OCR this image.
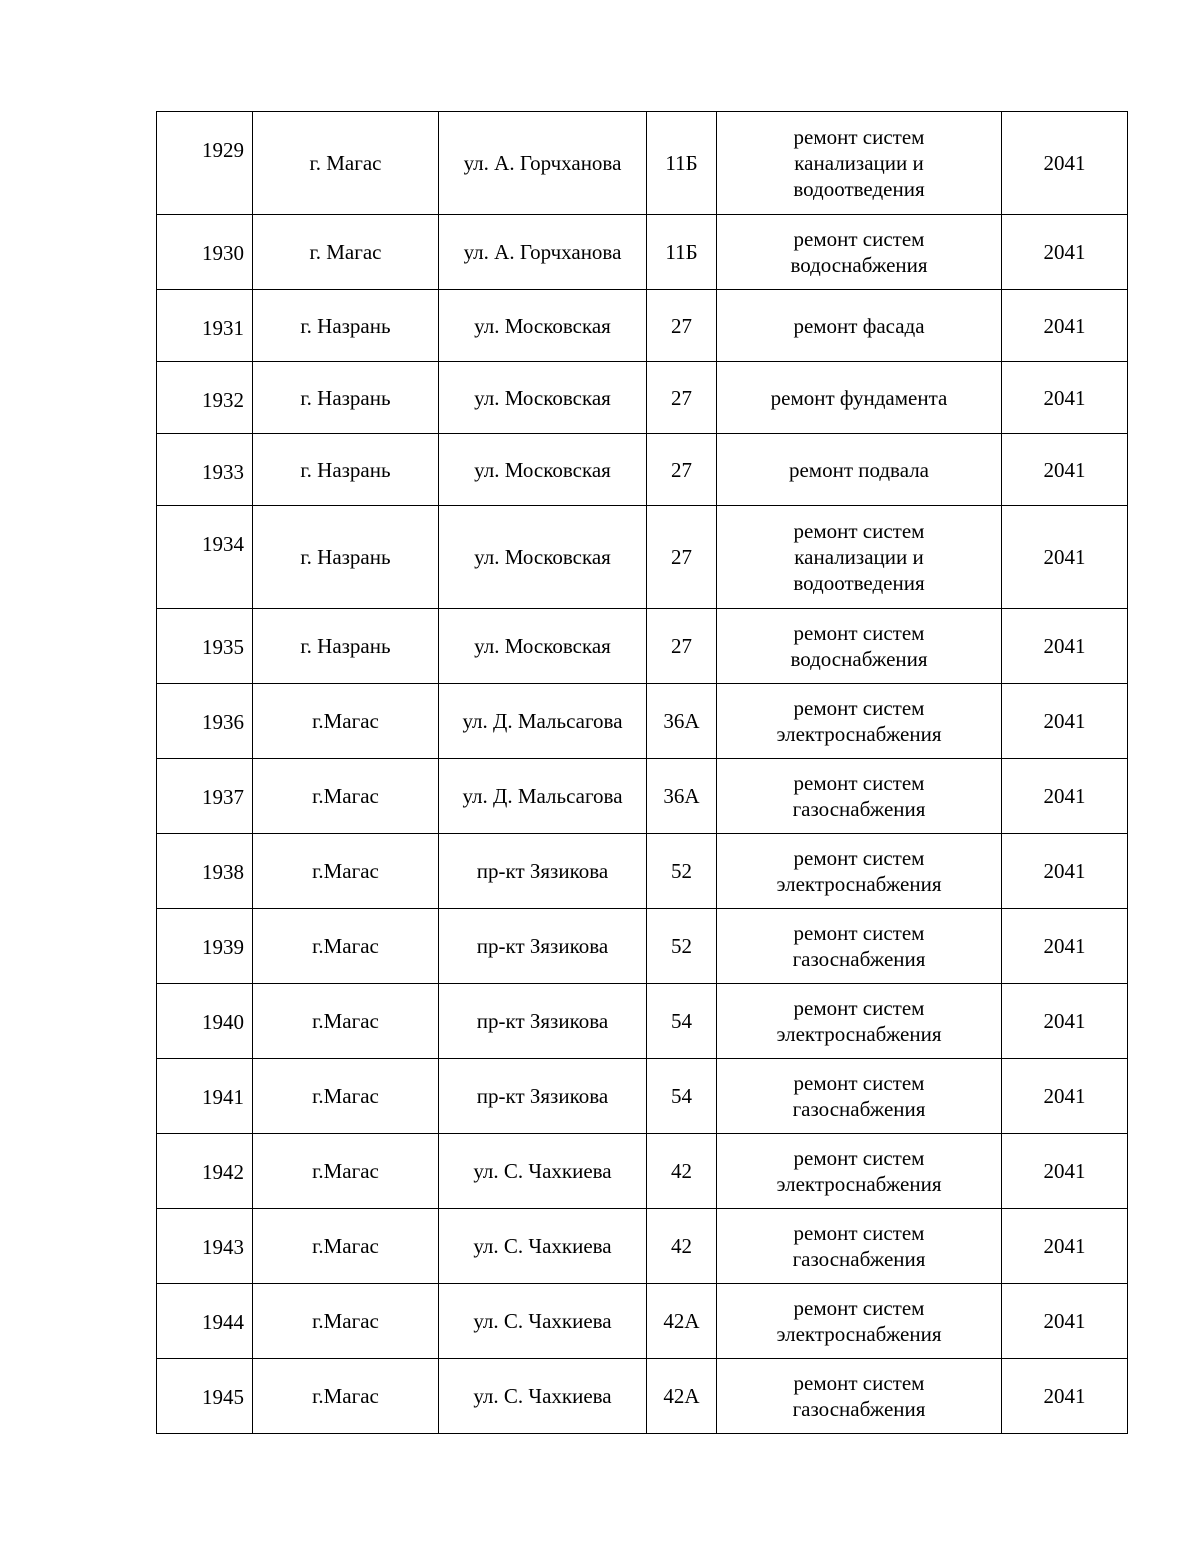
1929	г. Магас	ул. А. Горчханова	11Б	ремонт систем
канализации и
водоотведения	2041
1930	г. Магас	ул. А. Горчханова	11Б	ремонт систем
водоснабжения	2041
1931	г. Назрань	ул. Московская	27	ремонт фасада	2041
1932	г. Назрань	ул. Московская	27	ремонт фундамента	2041
1933	г. Назрань	ул. Московская	27	ремонт подвала	2041
1934	г. Назрань	ул. Московская	27	ремонт систем
канализации и
водоотведения	2041
1935	г. Назрань	ул. Московская	27	ремонт систем
водоснабжения	2041
1936	г.Магас	ул. Д. Мальсагова	36А	ремонт систем
электроснабжения	2041
1937	г.Магас	ул. Д. Мальсагова	36А	ремонт систем
газоснабжения	2041
1938	г.Магас	пр-кт Зязикова	52	ремонт систем
электроснабжения	2041
1939	г.Магас	пр-кт Зязикова	52	ремонт систем
газоснабжения	2041
1940	г.Магас	пр-кт Зязикова	54	ремонт систем
электроснабжения	2041
1941	г.Магас	пр-кт Зязикова	54	ремонт систем
газоснабжения	2041
1942	г.Магас	ул. С. Чахкиева	42	ремонт систем
электроснабжения	2041
1943	г.Магас	ул. С. Чахкиева	42	ремонт систем
газоснабжения	2041
1944	г.Магас	ул. С. Чахкиева	42А	ремонт систем
электроснабжения	2041
1945	г.Магас	ул. С. Чахкиева	42А	ремонт систем
газоснабжения	2041
